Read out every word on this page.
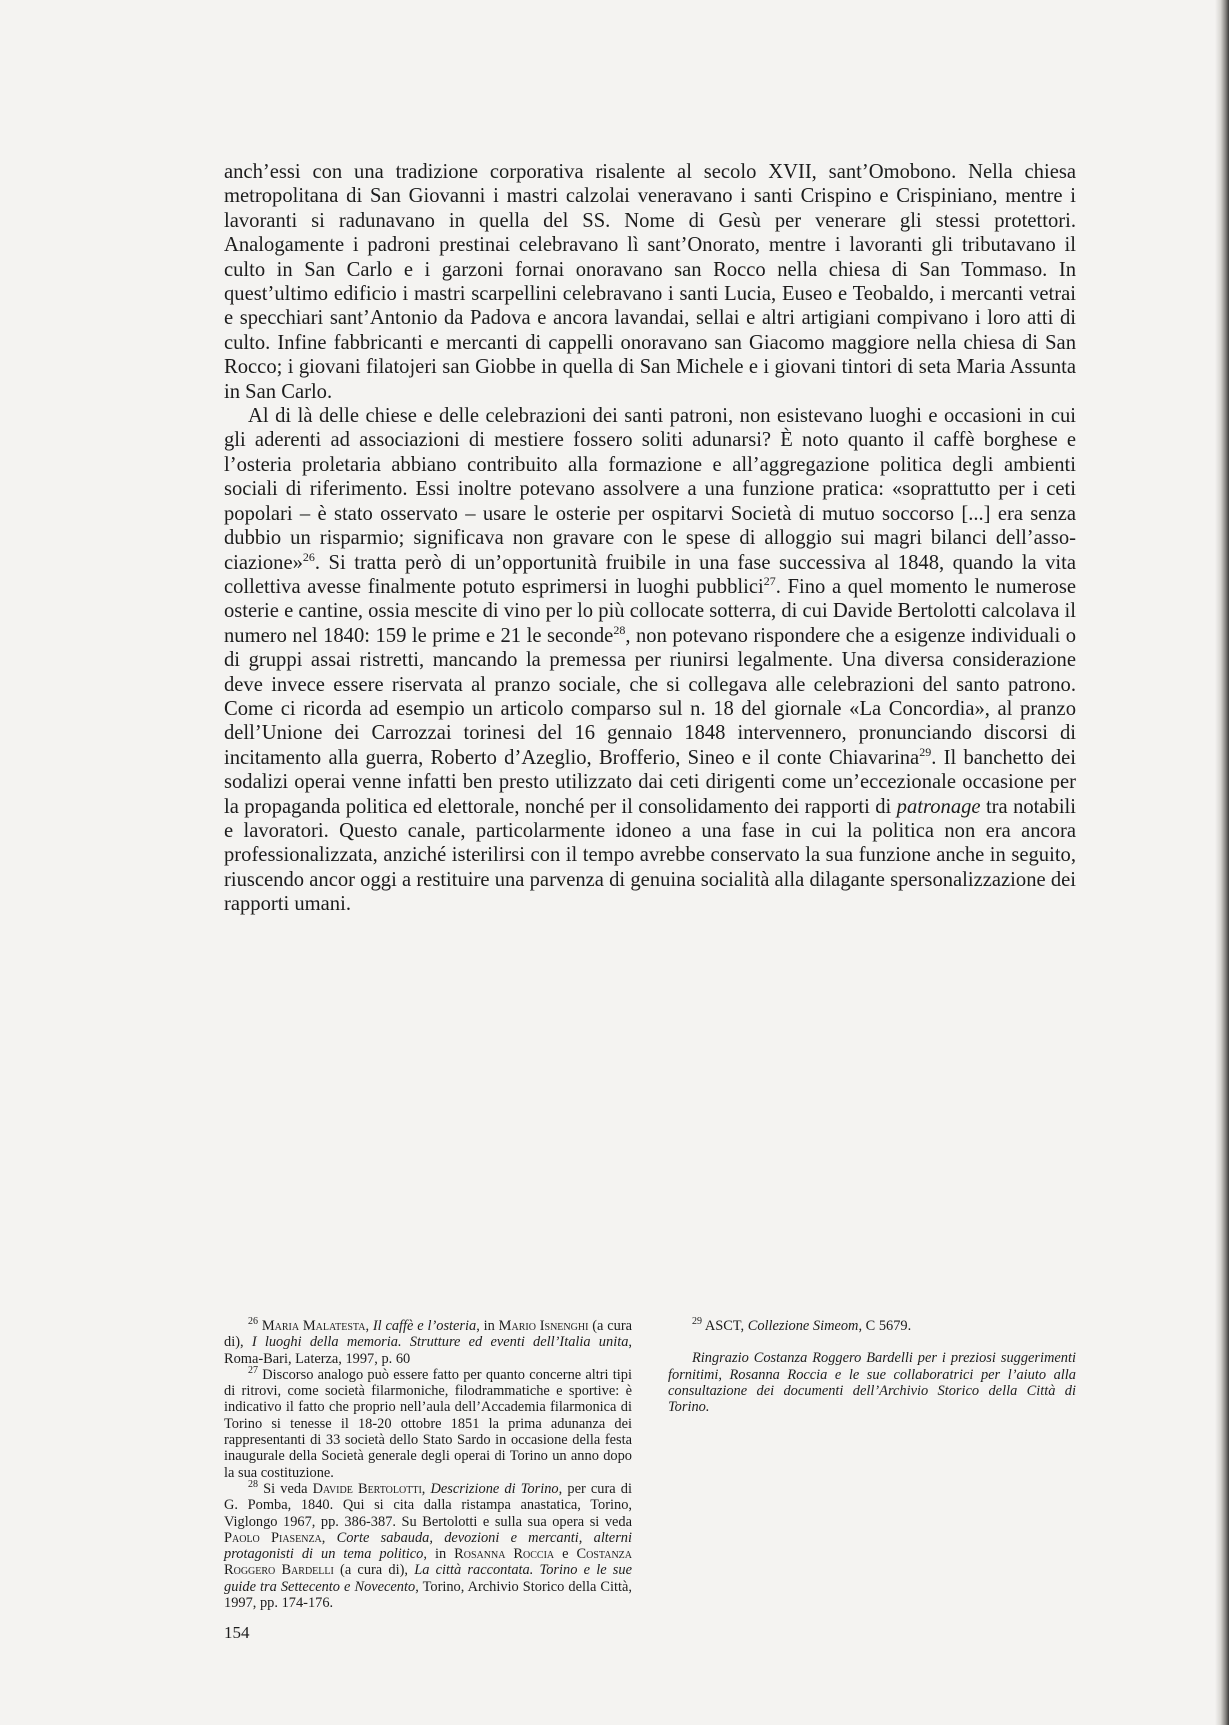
anch’essi con una tradizione corporativa risalente al secolo XVII, sant’Omobono. Nella chiesa metropolitana di San Giovanni i mastri calzolai veneravano i santi Crispino e Crispiniano, mentre i lavoranti si radunavano in quella del SS. Nome di Gesù per venerare gli stessi protettori. Analogamente i padroni prestinai celebravano lì sant’Onorato, mentre i lavoranti gli tributavano il culto in San Carlo e i garzoni fornai onoravano san Rocco nella chiesa di San Tommaso. In quest’ultimo edificio i mastri scarpellini celebravano i santi Lucia, Euseo e Teobaldo, i mercanti vetrai e specchiari sant’Antonio da Padova e ancora lavandai, sellai e altri artigiani compivano i loro atti di culto. Infine fabbricanti e mercanti di cappelli onoravano san Giacomo maggiore nella chiesa di San Rocco; i giovani filatojeri san Giobbe in quella di San Michele e i giovani tintori di seta Maria Assunta in San Carlo.

Al di là delle chiese e delle celebrazioni dei santi patroni, non esistevano luoghi e occasioni in cui gli aderenti ad associazioni di mestiere fossero soliti adunarsi? È noto quanto il caffè borghese e l’osteria proletaria abbiano contribuito alla formazione e all’aggregazione politica degli ambienti sociali di riferimento. Essi inoltre potevano assolvere a una funzione pratica: «soprattutto per i ceti popolari – è stato osservato – usare le osterie per ospitarvi Società di mutuo soccorso [...] era senza dubbio un risparmio; significava non gravare con le spese di alloggio sui magri bilanci dell’associazione»$^{26}$. Si tratta però di un’opportunità fruibile in una fase successiva al 1848, quando la vita collettiva avesse finalmente potuto esprimersi in luoghi pubblici$^{27}$. Fino a quel momento le numerose osterie e cantine, ossia mescite di vino per lo più collocate sotterra, di cui Davide Bertolotti calcolava il numero nel 1840: 159 le prime e 21 le seconde$^{28}$, non potevano rispondere che a esigenze individuali o di gruppi assai ristretti, mancando la premessa per riunirsi legalmente. Una diversa considerazione deve invece essere riservata al pranzo sociale, che si collegava alle celebrazioni del santo patrono. Come ci ricorda ad esempio un articolo comparso sul n. 18 del giornale «La Concordia», al pranzo dell’Unione dei Carrozzai torinesi del 16 gennaio 1848 intervennero, pronunciando discorsi di incitamento alla guerra, Roberto d’Azeglio, Brofferio, Sineo e il conte Chiavarina$^{29}$. Il banchetto dei sodalizi operai venne infatti ben presto utilizzato dai ceti dirigenti come un’eccezionale occasione per la propaganda politica ed elettorale, nonché per il consolidamento dei rapporti di patronage tra notabili e lavoratori. Questo canale, particolarmente idoneo a una fase in cui la politica non era ancora professionalizzata, anziché isterilirsi con il tempo avrebbe conservato la sua funzione anche in seguito, riuscendo ancor oggi a restituire una parvenza di genuina socialità alla dilagante spersonalizzazione dei rapporti umani.

$^{26}$ Maria Malatesta, Il caffè e l’osteria, in Mario Isnenghi (a cura di), I luoghi della memoria. Strutture ed eventi dell’Italia unita, Roma-Bari, Laterza, 1997, p. 60

$^{27}$ Discorso analogo può essere fatto per quanto concerne altri tipi di ritrovi, come società filarmoniche, filodrammatiche e sportive: è indicativo il fatto che proprio nell’aula dell’Accademia filarmonica di Torino si tenesse il 18-20 ottobre 1851 la prima adunanza dei rappresentanti di 33 società dello Stato Sardo in occasione della festa inaugurale della Società generale degli operai di Torino un anno dopo la sua costituzione.

$^{28}$ Si veda Davide Bertolotti, Descrizione di Torino, per cura di G. Pomba, 1840. Qui si cita dalla ristampa anastatica, Torino, Viglongo 1967, pp. 386-387. Su Bertolotti e sulla sua opera si veda Paolo Piasenza, Corte sabauda, devozioni e mercanti, alterni protagonisti di un tema politico, in Rosanna Roccia e Costanza Roggero Bardelli (a cura di), La città raccontata. Torino e le sue guide tra Settecento e Novecento, Torino, Archivio Storico della Città, 1997, pp. 174-176.

$^{29}$ ASCT, Collezione Simeom, C 5679.

Ringrazio Costanza Roggero Bardelli per i preziosi suggerimenti fornitimi, Rosanna Roccia e le sue collaboratrici per l’aiuto alla consultazione dei documenti dell’Archivio Storico della Città di Torino.

154
